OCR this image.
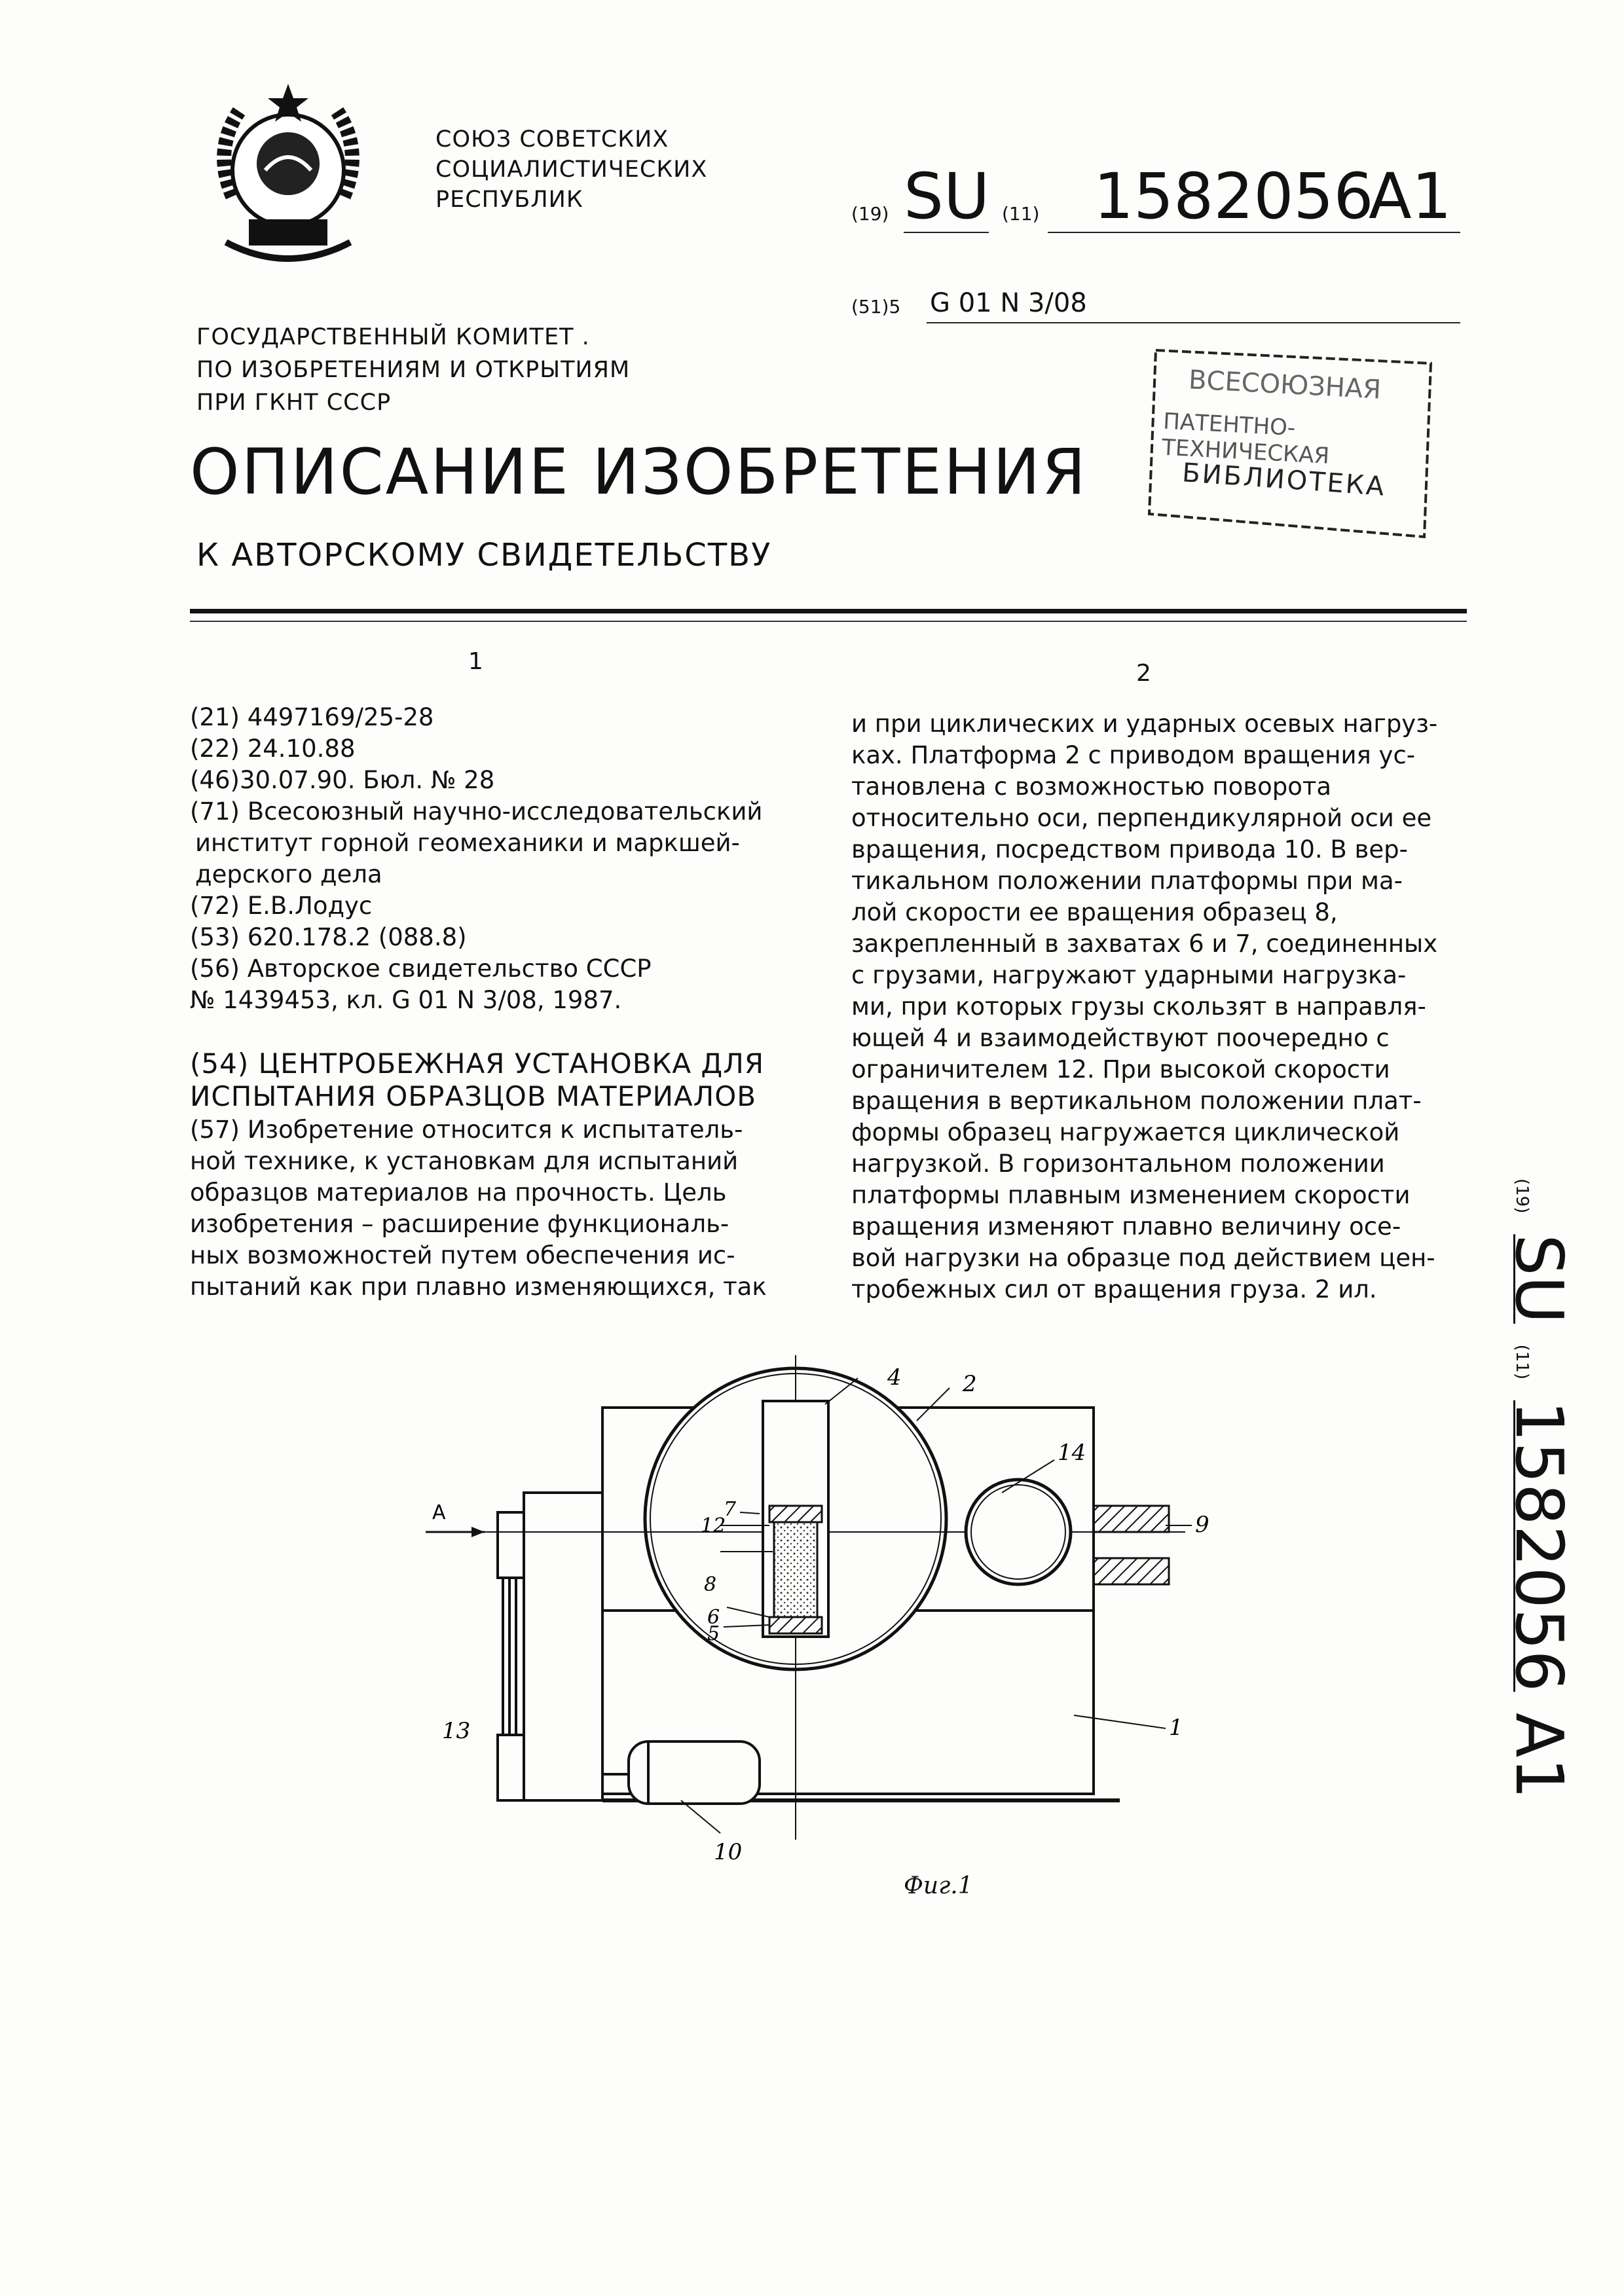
СОЮЗ СОВЕТСКИХ
СОЦИАЛИСТИЧЕСКИХ
РЕСПУБЛИК
(19) SU (11) 1582056
A1
(51)5 G 01 N 3/08
ГОСУДАРСТВЕННЫЙ КОМИТЕТ .
ПО ИЗОБРЕТЕНИЯМ И ОТКРЫТИЯМ
ПРИ ГКНТ СССР	ВСЕСОЮЗНАЯ
ПАТЕНТНО-ТЕХНИЧЕСКАЯ
БИБЛИОТЕКА
ОПИСАНИЕ ИЗОБРЕТЕНИЯ
К АВТОРСКОМУ СВИДЕТЕЛЬСТВУ
1	2

(21) 4497169/25-28

(22) 24.10.88

(46)30.07.90. Бюл. № 28

(71) Всесоюзный научно-исследовательский

институт горной геомеханики и маркшей-

дерского дела

(72) Е.В.Лодус

(53) 620.178.2 (088.8)

(56) Авторское свидетельство СССР

№ 1439453, кл. G 01 N 3/08, 1987.

(54) ЦЕНТРОБЕЖНАЯ УСТАНОВКА ДЛЯ
ИСПЫТАНИЯ ОБРАЗЦОВ МАТЕРИАЛОВ

(57) Изобретение относится к испытатель-

ной технике, к установкам для испытаний

образцов материалов на прочность. Цель

изобретения – расширение функциональ-

ных возможностей путем обеспечения ис-

пытаний как при плавно изменяющихся, так

и при циклических и ударных осевых нагруз-

ках. Платформа 2 с приводом вращения ус-

тановлена с возможностью поворота

относительно оси, перпендикулярной оси ее

вращения, посредством привода 10. В вер-

тикальном положении платформы при ма-

лой скорости ее вращения образец 8,

закрепленный в захватах 6 и 7, соединенных

с грузами, нагружают ударными нагрузка-

ми, при которых грузы скользят в направля-

ющей 4 и взаимодействуют поочередно с

ограничителем 12. При высокой скорости

вращения в вертикальном положении плат-

формы образец нагружается циклической

нагрузкой. В горизонтальном положении

платформы плавным изменением скорости

вращения изменяют плавно величину осе-

вой нагрузки на образце под действием цен-

тробежных сил от вращения груза. 2 ил.

(19) SU (11) 1582056 A1
4	2
14
9
1
7
12
8
6
5
13
10
А
Фиг.1
